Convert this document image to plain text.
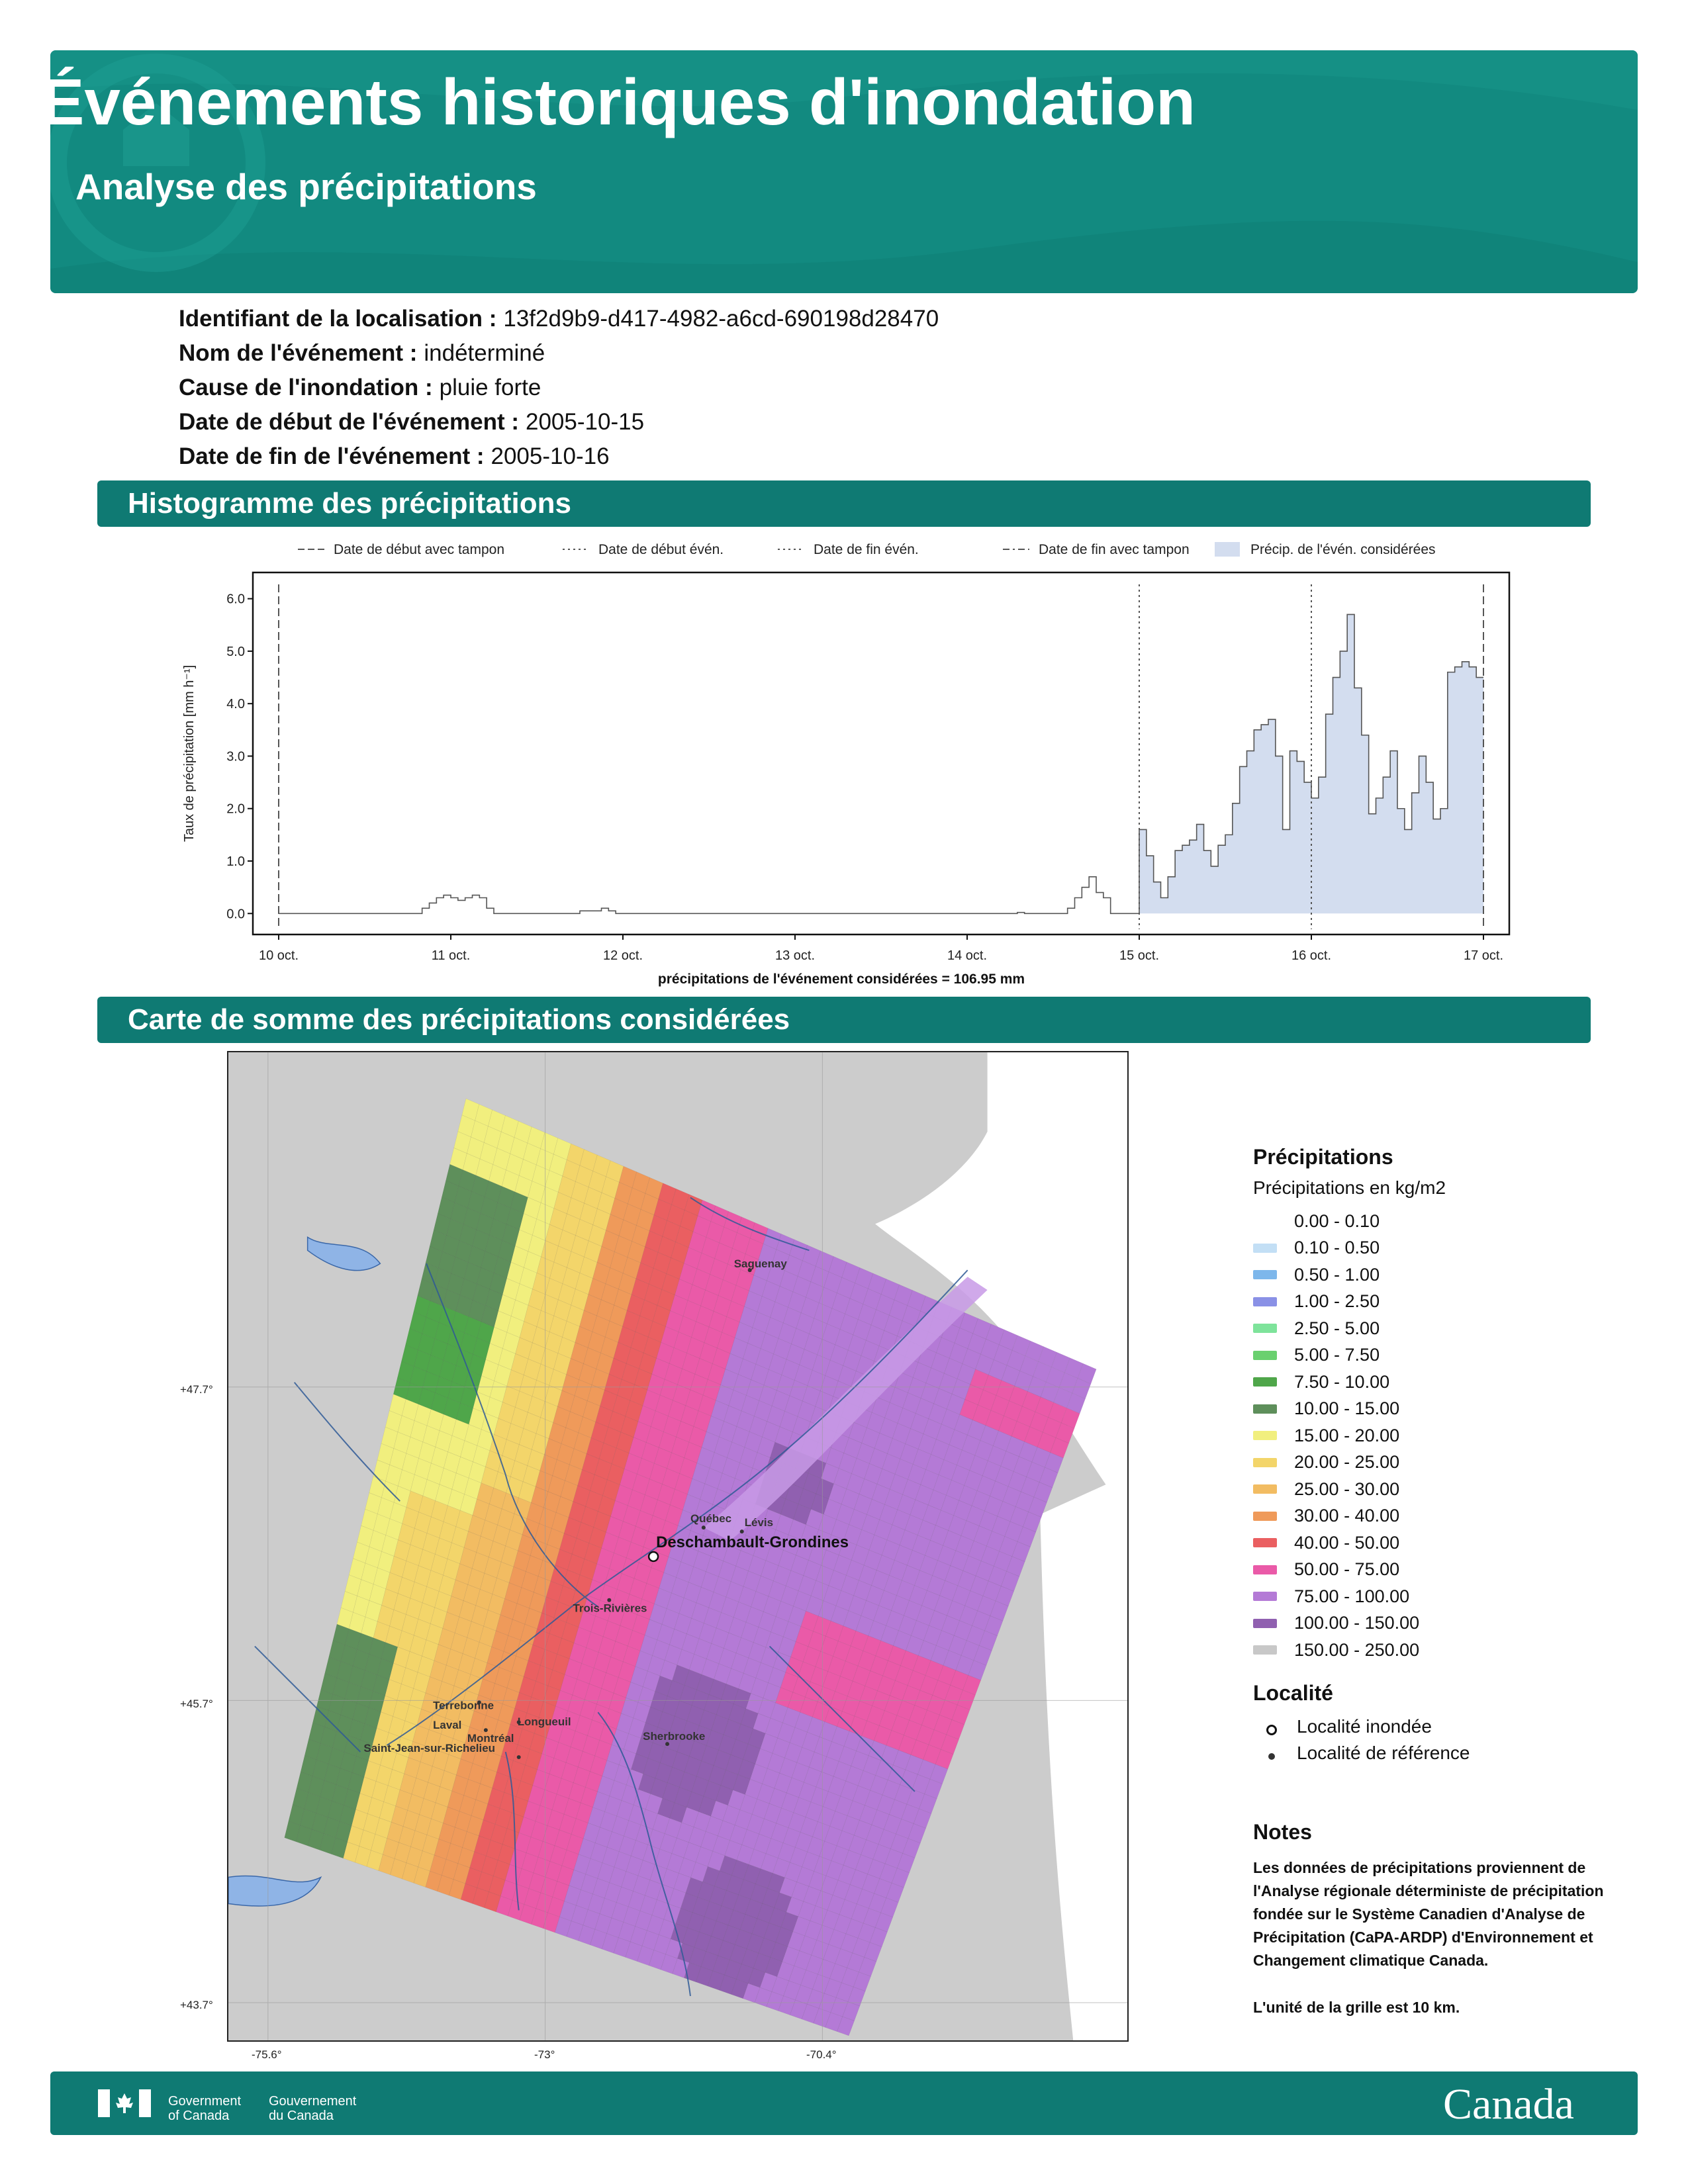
Événements historiques d'inondation
Analyse des précipitations
Identifiant de la localisation : 13f2d9b9-d417-4982-a6cd-690198d28470
Nom de l'événement : indéterminé
Cause de l'inondation : pluie forte
Date de début de l'événement : 2005-10-15
Date de fin de l'événement : 2005-10-16
Histogramme des précipitations
0.0
1.0
2.0
3.0
4.0
5.0
6.0
10 oct.	11 oct.	12 oct.	13 oct.	14 oct.	15 oct.	16 oct.	17 oct.
Taux de précipitation [mm h⁻¹]
précipitations de l'événement considérées = 106.95 mm
Date de début avec tampon	Date de début évén.	Date de fin évén.	Date de fin avec tampon	Précip. de l'évén. considérées
Carte de somme des précipitations considérées
Saguenay
Québec Lévis
Deschambault-Grondines
Trois-Rivières
Terrebonne
Laval	Longueuil
Montréal
Saint-Jean-sur-Richelieu
Sherbrooke
+47.7°
+45.7°
+43.7°
-75.6°	-73°	-70.4°
Précipitations
Précipitations en kg/m2
0.00 - 0.10
0.10 - 0.50
0.50 - 1.00
1.00 - 2.50
2.50 - 5.00
5.00 - 7.50
7.50 - 10.00
10.00 - 15.00
15.00 - 20.00
20.00 - 25.00
25.00 - 30.00
30.00 - 40.00
40.00 - 50.00
50.00 - 75.00
75.00 - 100.00
100.00 - 150.00
150.00 - 250.00
Localité
Localité inondée
Localité de référence
Notes

Les données de précipitations proviennent de l'Analyse régionale déterministe de précipitation fondée sur le Système Canadien d'Analyse de Précipitation (CaPA-ARDP) d'Environnement et Changement climatique Canada.

L'unité de la grille est 10 km.

Government
of Canada
Gouvernement
du Canada	Canada
